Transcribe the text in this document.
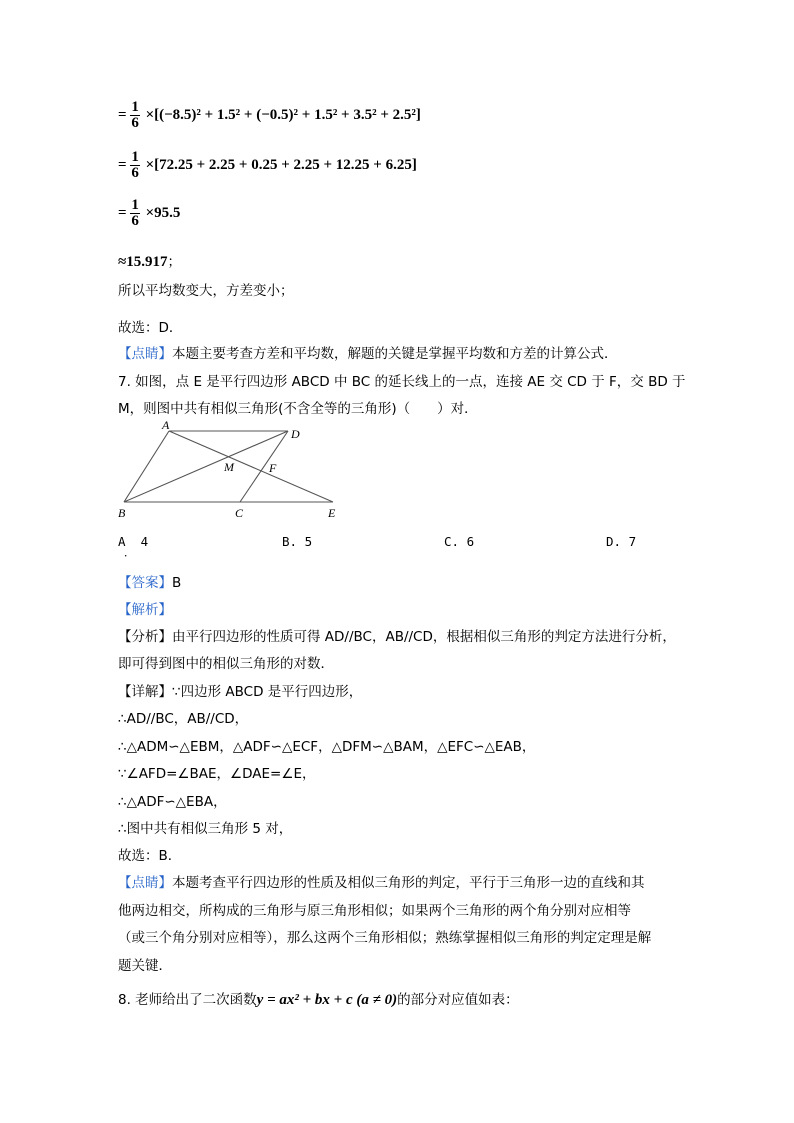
= $\frac{1}{6} \times[(-8.5)^2 + 1.5^2 + (-0.5)^2 + 1.5^2 + 3.5^2 + 2.5^2]$
= $\frac{1}{6} \times[72.25 + 2.25 + 0.25 + 2.25 + 12.25 + 6.25]$
= $\frac{1}{6} \times 95.5$
≈15.917；
所以平均数变大，方差变小；
故选：D．
【点睛】本题主要考查方差和平均数，解题的关键是掌握平均数和方差的计算公式．
7. 如图，点 E 是平行四边形 ABCD 中 BC 的延长线上的一点，连接 AE 交 CD 于 F，交 BD 于
M，则图中共有相似三角形(不含全等的三角形)（　　）对．
A
D
M	F
B	C	E
A 4
．
B. 5	C. 6	D. 7
【答案】B
【解析】
【分析】由平行四边形的性质可得 AD//BC，AB//CD，根据相似三角形的判定方法进行分析，
即可得到图中的相似三角形的对数．
【详解】∵四边形 ABCD 是平行四边形，
∴AD//BC，AB//CD，
∴△ADM∽△EBM，△ADF∽△ECF，△DFM∽△BAM，△EFC∽△EAB，
∵∠AFD=∠BAE，∠DAE=∠E，
∴△ADF∽△EBA，
∴图中共有相似三角形 5 对，
故选：B．
【点睛】本题考查平行四边形的性质及相似三角形的判定，平行于三角形一边的直线和其
他两边相交，所构成的三角形与原三角形相似；如果两个三角形的两个角分别对应相等
（或三个角分别对应相等），那么这两个三角形相似；熟练掌握相似三角形的判定定理是解
题关键．
8. 老师给出了二次函数y = ax² + bx + c (a ≠ 0)的部分对应值如表：
